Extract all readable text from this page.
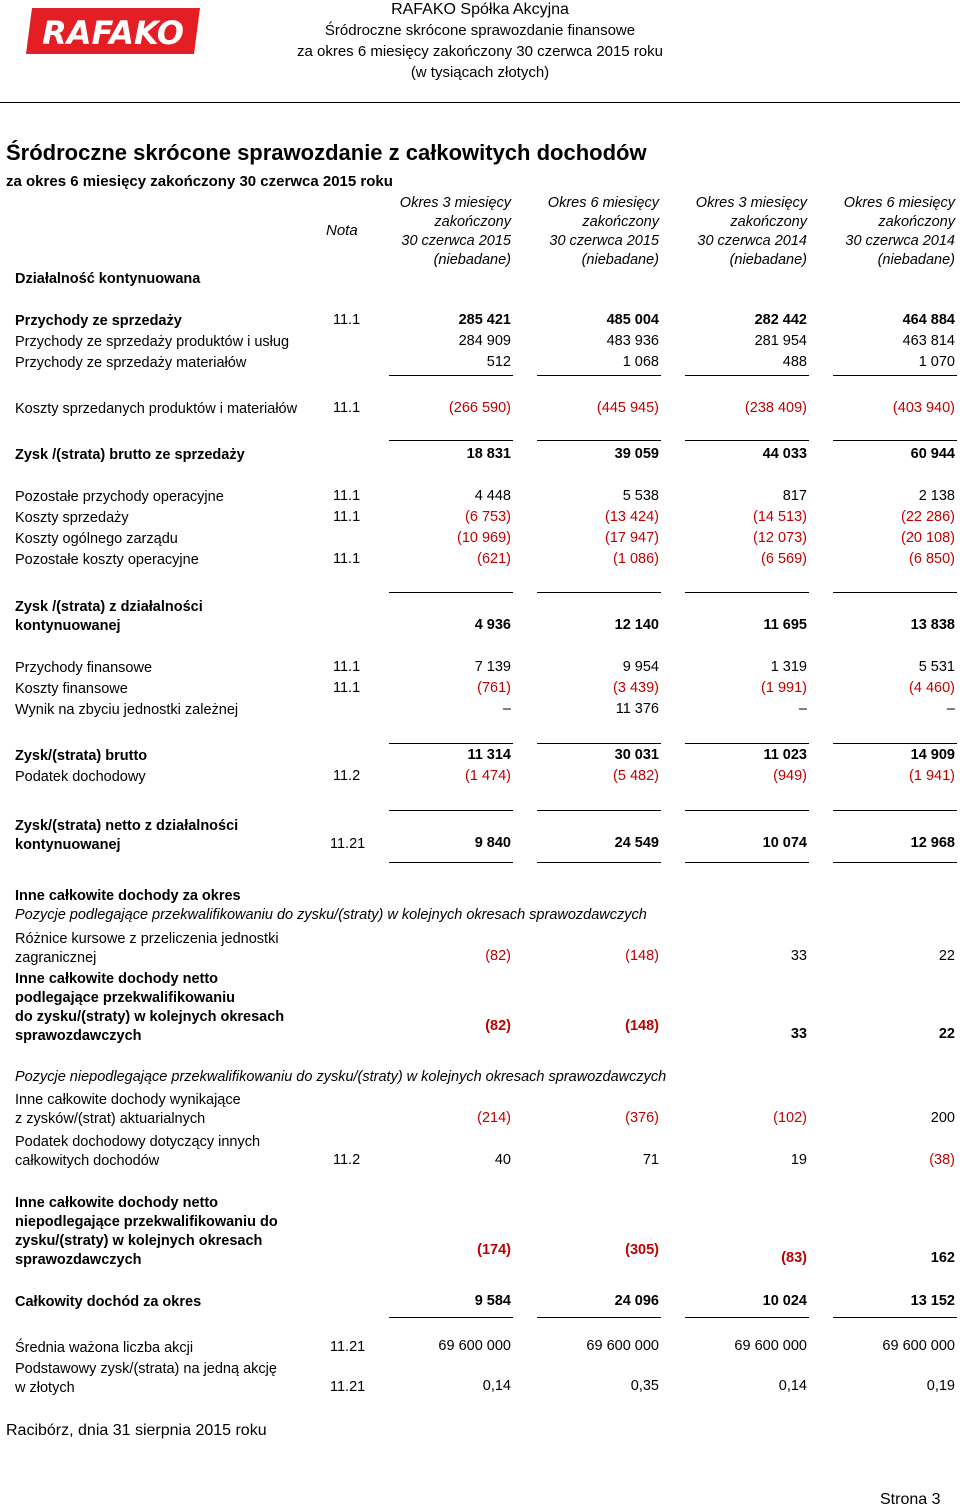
RAFAKO
RAFAKO Spółka Akcyjna
Śródroczne skrócone sprawozdanie finansowe
za okres 6 miesięcy zakończony 30 czerwca 2015 roku
(w tysiącach złotych)
Śródroczne skrócone sprawozdanie z całkowitych dochodów
za okres 6 miesięcy zakończony 30 czerwca 2015 roku
Nota
Okres 3 miesięcy
zakończony
30 czerwca 2015
(niebadane)
Okres 6 miesięcy
zakończony
30 czerwca 2015
(niebadane)
Okres 3 miesięcy
zakończony
30 czerwca 2014
(niebadane)
Okres 6 miesięcy
zakończony
30 czerwca 2014
(niebadane)
Działalność kontynuowana
Przychody ze sprzedaży	11.1	285 421	485 004	282 442	464 884
Przychody ze sprzedaży produktów i usług	284 909	483 936	281 954	463 814
Przychody ze sprzedaży materiałów	512	1 068	488	1 070
Koszty sprzedanych produktów i materiałów	11.1	(266 590)	(445 945)	(238 409)	(403 940)
Zysk /(strata) brutto ze sprzedaży	18 831	39 059	44 033	60 944
Pozostałe przychody operacyjne	11.1	4 448	5 538	817	2 138
Koszty sprzedaży	11.1	(6 753)	(13 424)	(14 513)	(22 286)
Koszty ogólnego zarządu	(10 969)	(17 947)	(12 073)	(20 108)
Pozostałe koszty operacyjne	11.1	(621)	(1 086)	(6 569)	(6 850)
Zysk /(strata) z działalności
kontynuowanej	4 936	12 140	11 695	13 838
Przychody finansowe	11.1	7 139	9 954	1 319	5 531
Koszty finansowe	11.1	(761)	(3 439)	(1 991)	(4 460)
Wynik na zbyciu jednostki zależnej	–	11 376	–	–
Zysk/(strata) brutto	11 314	30 031	11 023	14 909
Podatek dochodowy	11.2	(1 474)	(5 482)	(949)	(1 941)
Zysk/(strata) netto z działalności
kontynuowanej	11.21	9 840	24 549	10 074	12 968
Inne całkowite dochody za okres
Pozycje podlegające przekwalifikowaniu do zysku/(straty) w kolejnych okresach sprawozdawczych
Różnice kursowe z przeliczenia jednostki
zagranicznej	(82)	(148)	33	22
Inne całkowite dochody netto
podlegające przekwalifikowaniu
do zysku/(straty) w kolejnych okresach
sprawozdawczych
(82)	(148)	33	22
Pozycje niepodlegające przekwalifikowaniu do zysku/(straty) w kolejnych okresach sprawozdawczych
Inne całkowite dochody wynikające
z zysków/(strat) aktuarialnych	(214)	(376)	(102)	200
Podatek dochodowy dotyczący innych
całkowitych dochodów	11.2	40	71	19	(38)
Inne całkowite dochody netto
niepodlegające przekwalifikowaniu do
zysku/(straty) w kolejnych okresach
sprawozdawczych
(174)	(305)	(83)	162
Całkowity dochód za okres	9 584	24 096	10 024	13 152
Średnia ważona liczba akcji	11.21	69 600 000	69 600 000	69 600 000	69 600 000
Podstawowy zysk/(strata) na jedną akcję
w złotych	11.21	0,14	0,35	0,14	0,19
Racibórz, dnia 31 sierpnia 2015 roku
Strona 3
